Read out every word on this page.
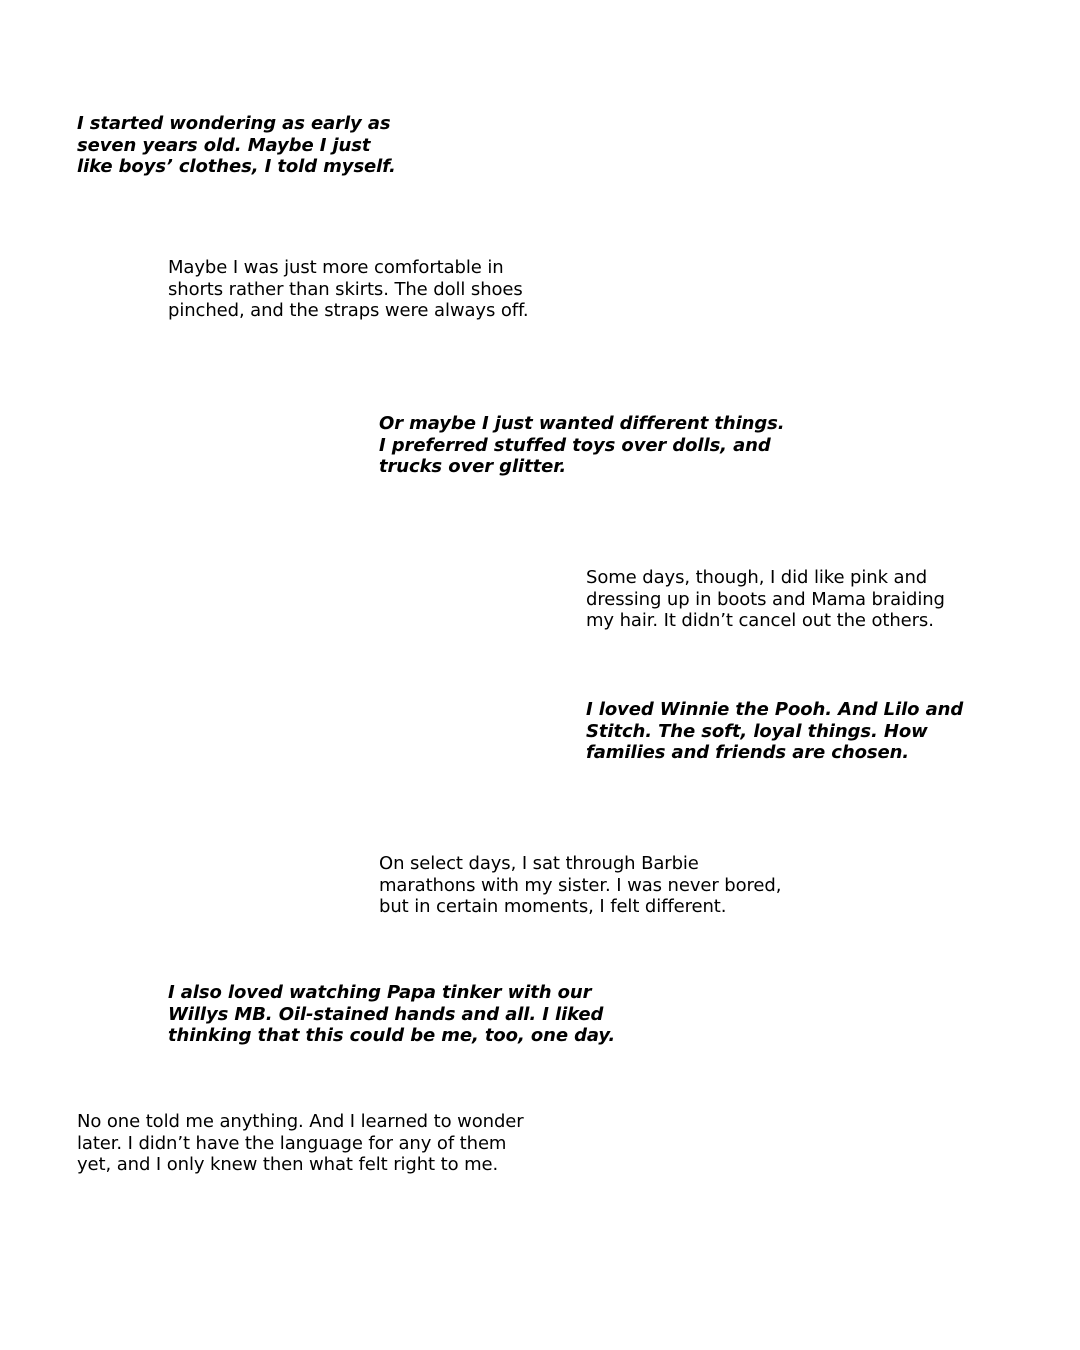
I started wondering as early as
seven years old. Maybe I just
like boys’ clothes, I told myself.

Maybe I was just more comfortable in
shorts rather than skirts. The doll shoes
pinched, and the straps were always off.

Or maybe I just wanted different things.
I preferred stuffed toys over dolls, and
trucks over glitter.

Some days, though, I did like pink and
dressing up in boots and Mama braiding
my hair. It didn’t cancel out the others.

I loved Winnie the Pooh. And Lilo and
Stitch. The soft, loyal things. How
families and friends are chosen.

On select days, I sat through Barbie
marathons with my sister. I was never bored,
but in certain moments, I felt different.

I also loved watching Papa tinker with our
Willys MB. Oil-stained hands and all. I liked
thinking that this could be me, too, one day.

No one told me anything. And I learned to wonder
later. I didn’t have the language for any of them
yet, and I only knew then what felt right to me.
